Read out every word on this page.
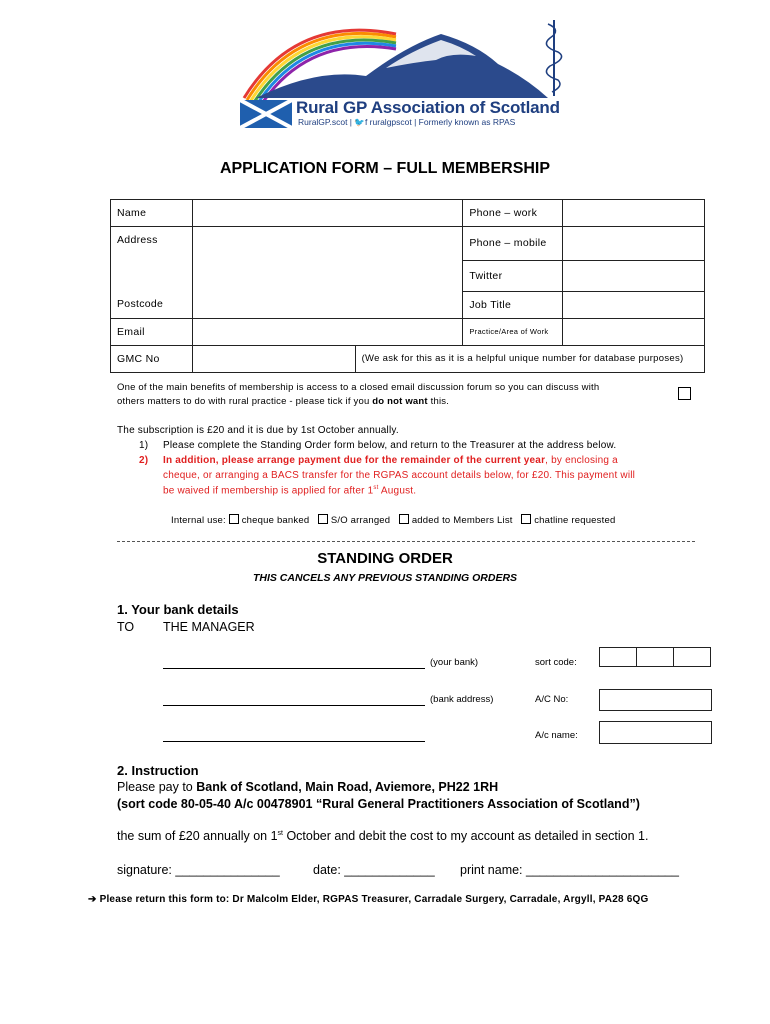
Rural GP Association of Scotland
RuralGP.scot | 🐦f ruralgpscot | Formerly known as RPAS
APPLICATION FORM – FULL MEMBERSHIP
Name			Phone – work	
Address			Phone – mobile	
			Twitter	
Postcode			Job Title	
Email			Practice/Area of Work	
GMC No		(We ask for this as it is a helpful unique number for database purposes)		
One of the main benefits of membership is access to a closed email discussion forum so you can discuss with
others matters to do with rural practice - please tick if you do not want this.
The subscription is £20 and it is due by 1st October annually.
1) Please complete the Standing Order form below, and return to the Treasurer at the address below.
2) In addition, please arrange payment due for the remainder of the current year, by enclosing a
cheque, or arranging a BACS transfer for the RGPAS account details below, for £20. This payment will
be waived if membership is applied for after 1st August.
Internal use: cheque banked S/O arranged added to Members List chatline requested
STANDING ORDER
THIS CANCELS ANY PREVIOUS STANDING ORDERS
1. Your bank details
TO THE MANAGER
(your bank)
(bank address)
sort code:

A/C No:
A/c name:
2. Instruction
Please pay to Bank of Scotland, Main Road, Aviemore, PH22 1RH
(sort code 80-05-40 A/c 00478901 “Rural General Practitioners Association of Scotland”)
the sum of £20 annually on 1st October and debit the cost to my account as detailed in section 1.
signature: _______________	date: _____________ print name: ______________________
➔ Please return this form to: Dr Malcolm Elder, RGPAS Treasurer, Carradale Surgery, Carradale, Argyll, PA28 6QG
